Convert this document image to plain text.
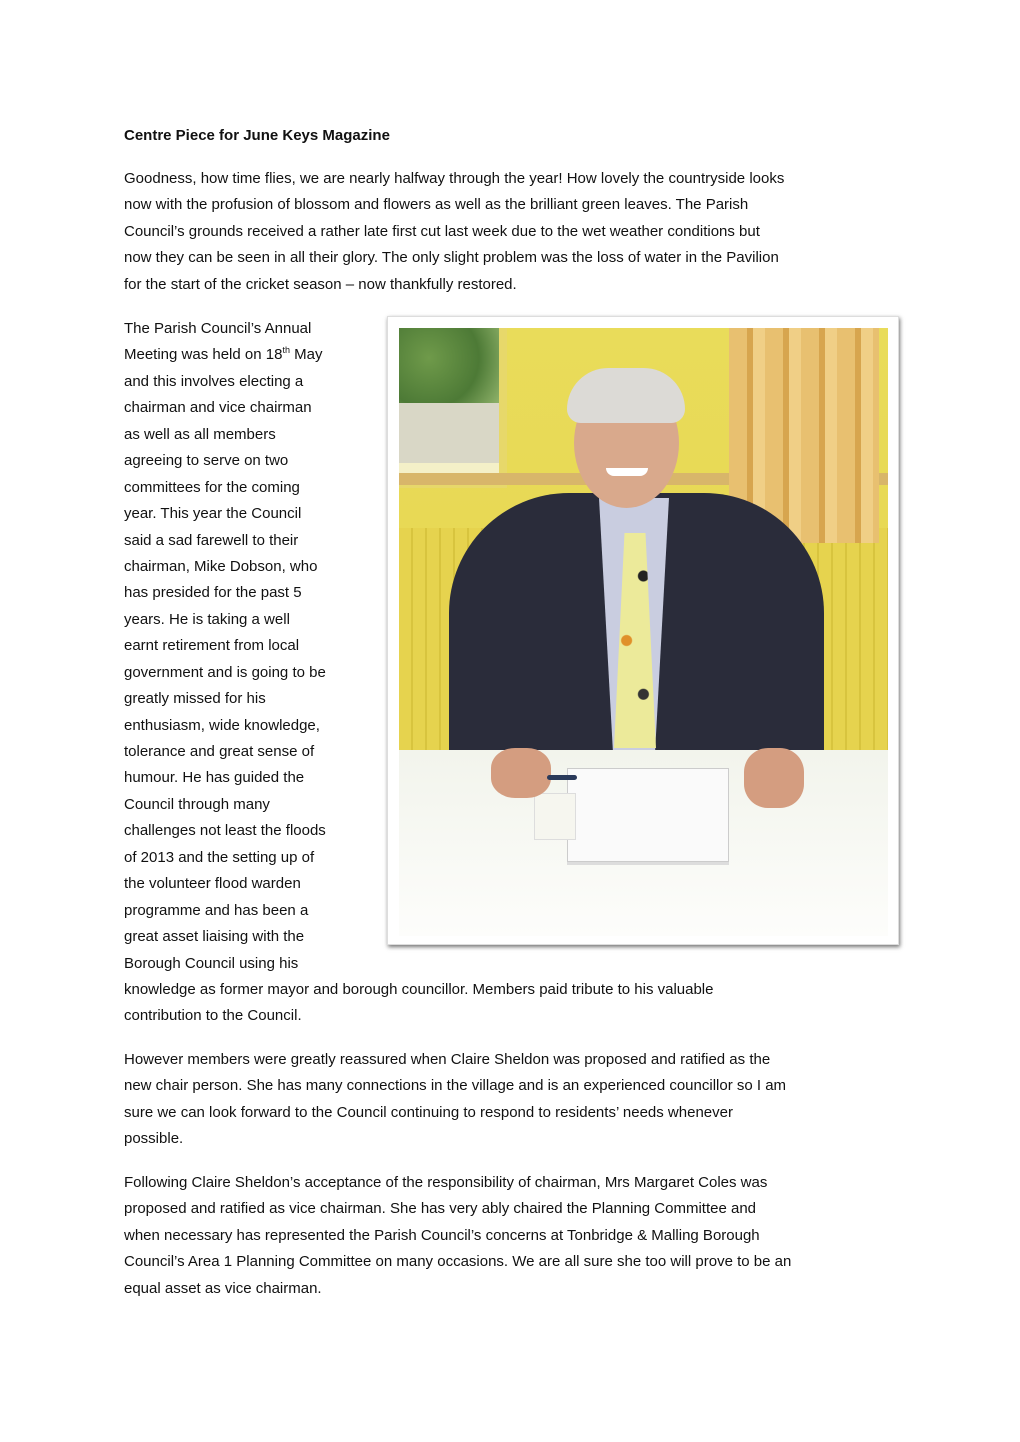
Centre Piece for June Keys Magazine
Goodness, how time flies, we are nearly halfway through the year! How lovely the countryside looks
now with the profusion of blossom and flowers as well as the brilliant green leaves. The Parish
Council’s grounds received a rather late first cut last week due to the wet weather conditions but
now they can be seen in all their glory. The only slight problem was the loss of water in the Pavilion
for the start of the cricket season – now thankfully restored.
The Parish Council’s Annual
Meeting was held on 18th May
and this involves electing a
chairman and vice chairman
as well as all members
agreeing to serve on two
committees for the coming
year. This year the Council
said a sad farewell to their
chairman, Mike Dobson, who
has presided for the past 5
years. He is taking a well
earnt retirement from local
government and is going to be
greatly missed for his
enthusiasm, wide knowledge,
tolerance and great sense of
humour. He has guided the
Council through many
challenges not least the floods
of 2013 and the setting up of
the volunteer flood warden
programme and has been a
great asset liaising with the
Borough Council using his
knowledge as former mayor and borough councillor. Members paid tribute to his valuable
contribution to the Council.
However members were greatly reassured when Claire Sheldon was proposed and ratified as the
new chair person. She has many connections in the village and is an experienced councillor so I am
sure we can look forward to the Council continuing to respond to residents’ needs whenever
possible.
Following Claire Sheldon’s acceptance of the responsibility of chairman, Mrs Margaret Coles was
proposed and ratified as vice chairman. She has very ably chaired the Planning Committee and
when necessary has represented the Parish Council’s concerns at Tonbridge & Malling Borough
Council’s Area 1 Planning Committee on many occasions. We are all sure she too will prove to be an
equal asset as vice chairman.
